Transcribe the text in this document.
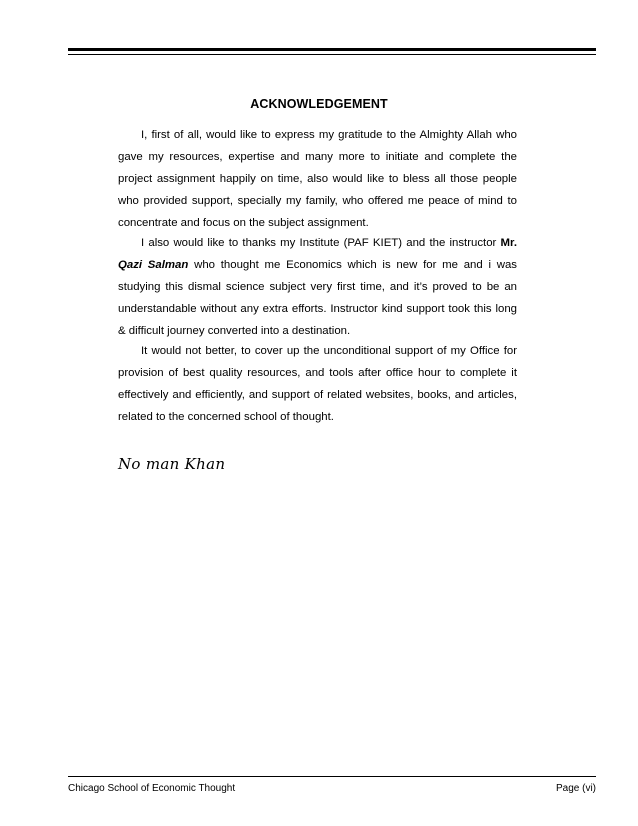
ACKNOWLEDGEMENT

I, first of all, would like to express my gratitude to the Almighty Allah who gave my resources, expertise and many more to initiate and complete the project assignment happily on time, also would like to bless all those people who provided support, specially my family, who offered me peace of mind to concentrate and focus on the subject assignment.

I also would like to thanks my Institute (PAF KIET) and the instructor Mr. Qazi Salman who thought me Economics which is new for me and i was studying this dismal science subject very first time, and it’s proved to be an understandable without any extra efforts. Instructor kind support took this long & difficult journey converted into a destination.

It would not better, to cover up the unconditional support of my Office for provision of best quality resources, and tools after office hour to complete it effectively and efficiently, and support of related websites, books, and articles, related to the concerned school of thought.

No man Khan
Chicago School of Economic Thought	Page (vi)
